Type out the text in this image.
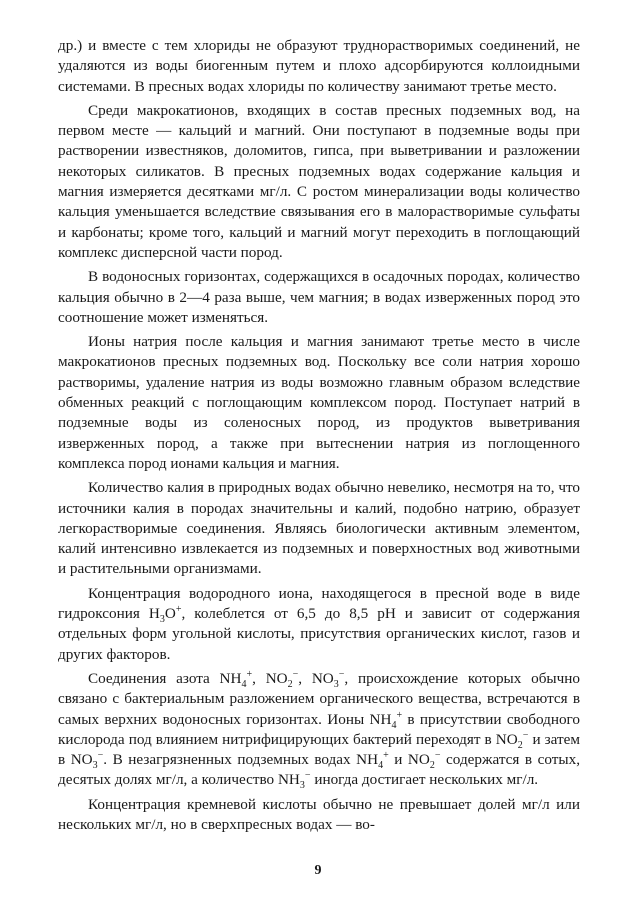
др.) и вместе с тем хлориды не образуют труднорастворимых соединений, не удаляются из воды биогенным путем и плохо адсорбируются коллоидными системами. В пресных водах хлориды по количеству занимают третье место.

Среди макрокатионов, входящих в состав пресных подземных вод, на первом месте — кальций и магний. Они поступают в подземные воды при растворении известняков, доломитов, гипса, при выветривании и разложении некоторых силикатов. В пресных подземных водах содержание кальция и магния измеряется десятками мг/л. С ростом минерализации воды количество кальция уменьшается вследствие связывания его в малорастворимые сульфаты и карбонаты; кроме того, кальций и магний могут переходить в поглощающий комплекс дисперсной части пород.

В водоносных горизонтах, содержащихся в осадочных породах, количество кальция обычно в 2—4 раза выше, чем магния; в водах изверженных пород это соотношение может изменяться.

Ионы натрия после кальция и магния занимают третье место в числе макрокатионов пресных подземных вод. Поскольку все соли натрия хорошо растворимы, удаление натрия из воды возможно главным образом вследствие обменных реакций с поглощающим комплексом пород. Поступает натрий в подземные воды из соленосных пород, из продуктов выветривания изверженных пород, а также при вытеснении натрия из поглощенного комплекса пород ионами кальция и магния.

Количество калия в природных водах обычно невелико, несмотря на то, что источники калия в породах значительны и калий, подобно натрию, образует легкорастворимые соединения. Являясь биологически активным элементом, калий интенсивно извлекается из подземных и поверхностных вод животными и растительными организмами.

Концентрация водородного иона, находящегося в пресной воде в виде гидроксония $H_3O^+$, колеблется от 6,5 до 8,5 pH и зависит от содержания отдельных форм угольной кислоты, присутствия органических кислот, газов и других факторов.

Соединения азота $NH_4^+$, $NO_2^-$, $NO_3^-$, происхождение которых обычно связано с бактериальным разложением органического вещества, встречаются в самых верхних водоносных горизонтах. Ионы $NH_4^+$ в присутствии свободного кислорода под влиянием нитрифицирующих бактерий переходят в $NO_2^-$ и затем в $NO_3^-$. В незагрязненных подземных водах $NH_4^+$ и $NO_2^-$ содержатся в сотых, десятых долях мг/л, а количество $NH_3^-$ иногда достигает нескольких мг/л.

Концентрация кремневой кислоты обычно не превышает долей мг/л или нескольких мг/л, но в сверхпресных водах — во-

9
